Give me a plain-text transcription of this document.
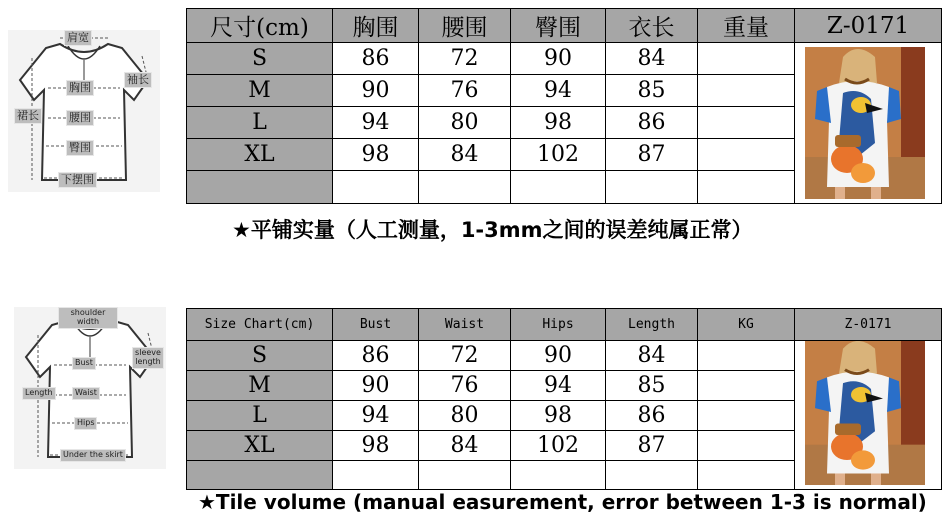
肩宽
袖长
胸围
裙长	腰围
臀围
下摆围
尺寸(cm)	胸围	腰围	臀围	衣长	重量	Z-0171
S	86	72	90	84		

M	90	76	94	85		
L	94	80	98	86		
XL	98	84	102	87		

★平铺实量（人工测量，1-3mm之间的误差纯属正常）
shoulder width
sleeve length
Bust
Length	Waist
Hips
Under the skirt
Size Chart(cm)	Bust	Waist	Hips	Length	KG	Z-0171
S	86	72	90	84		

M	90	76	94	85		
L	94	80	98	86		
XL	98	84	102	87		

★Tile volume (manual easurement, error between 1-3 is normal)
